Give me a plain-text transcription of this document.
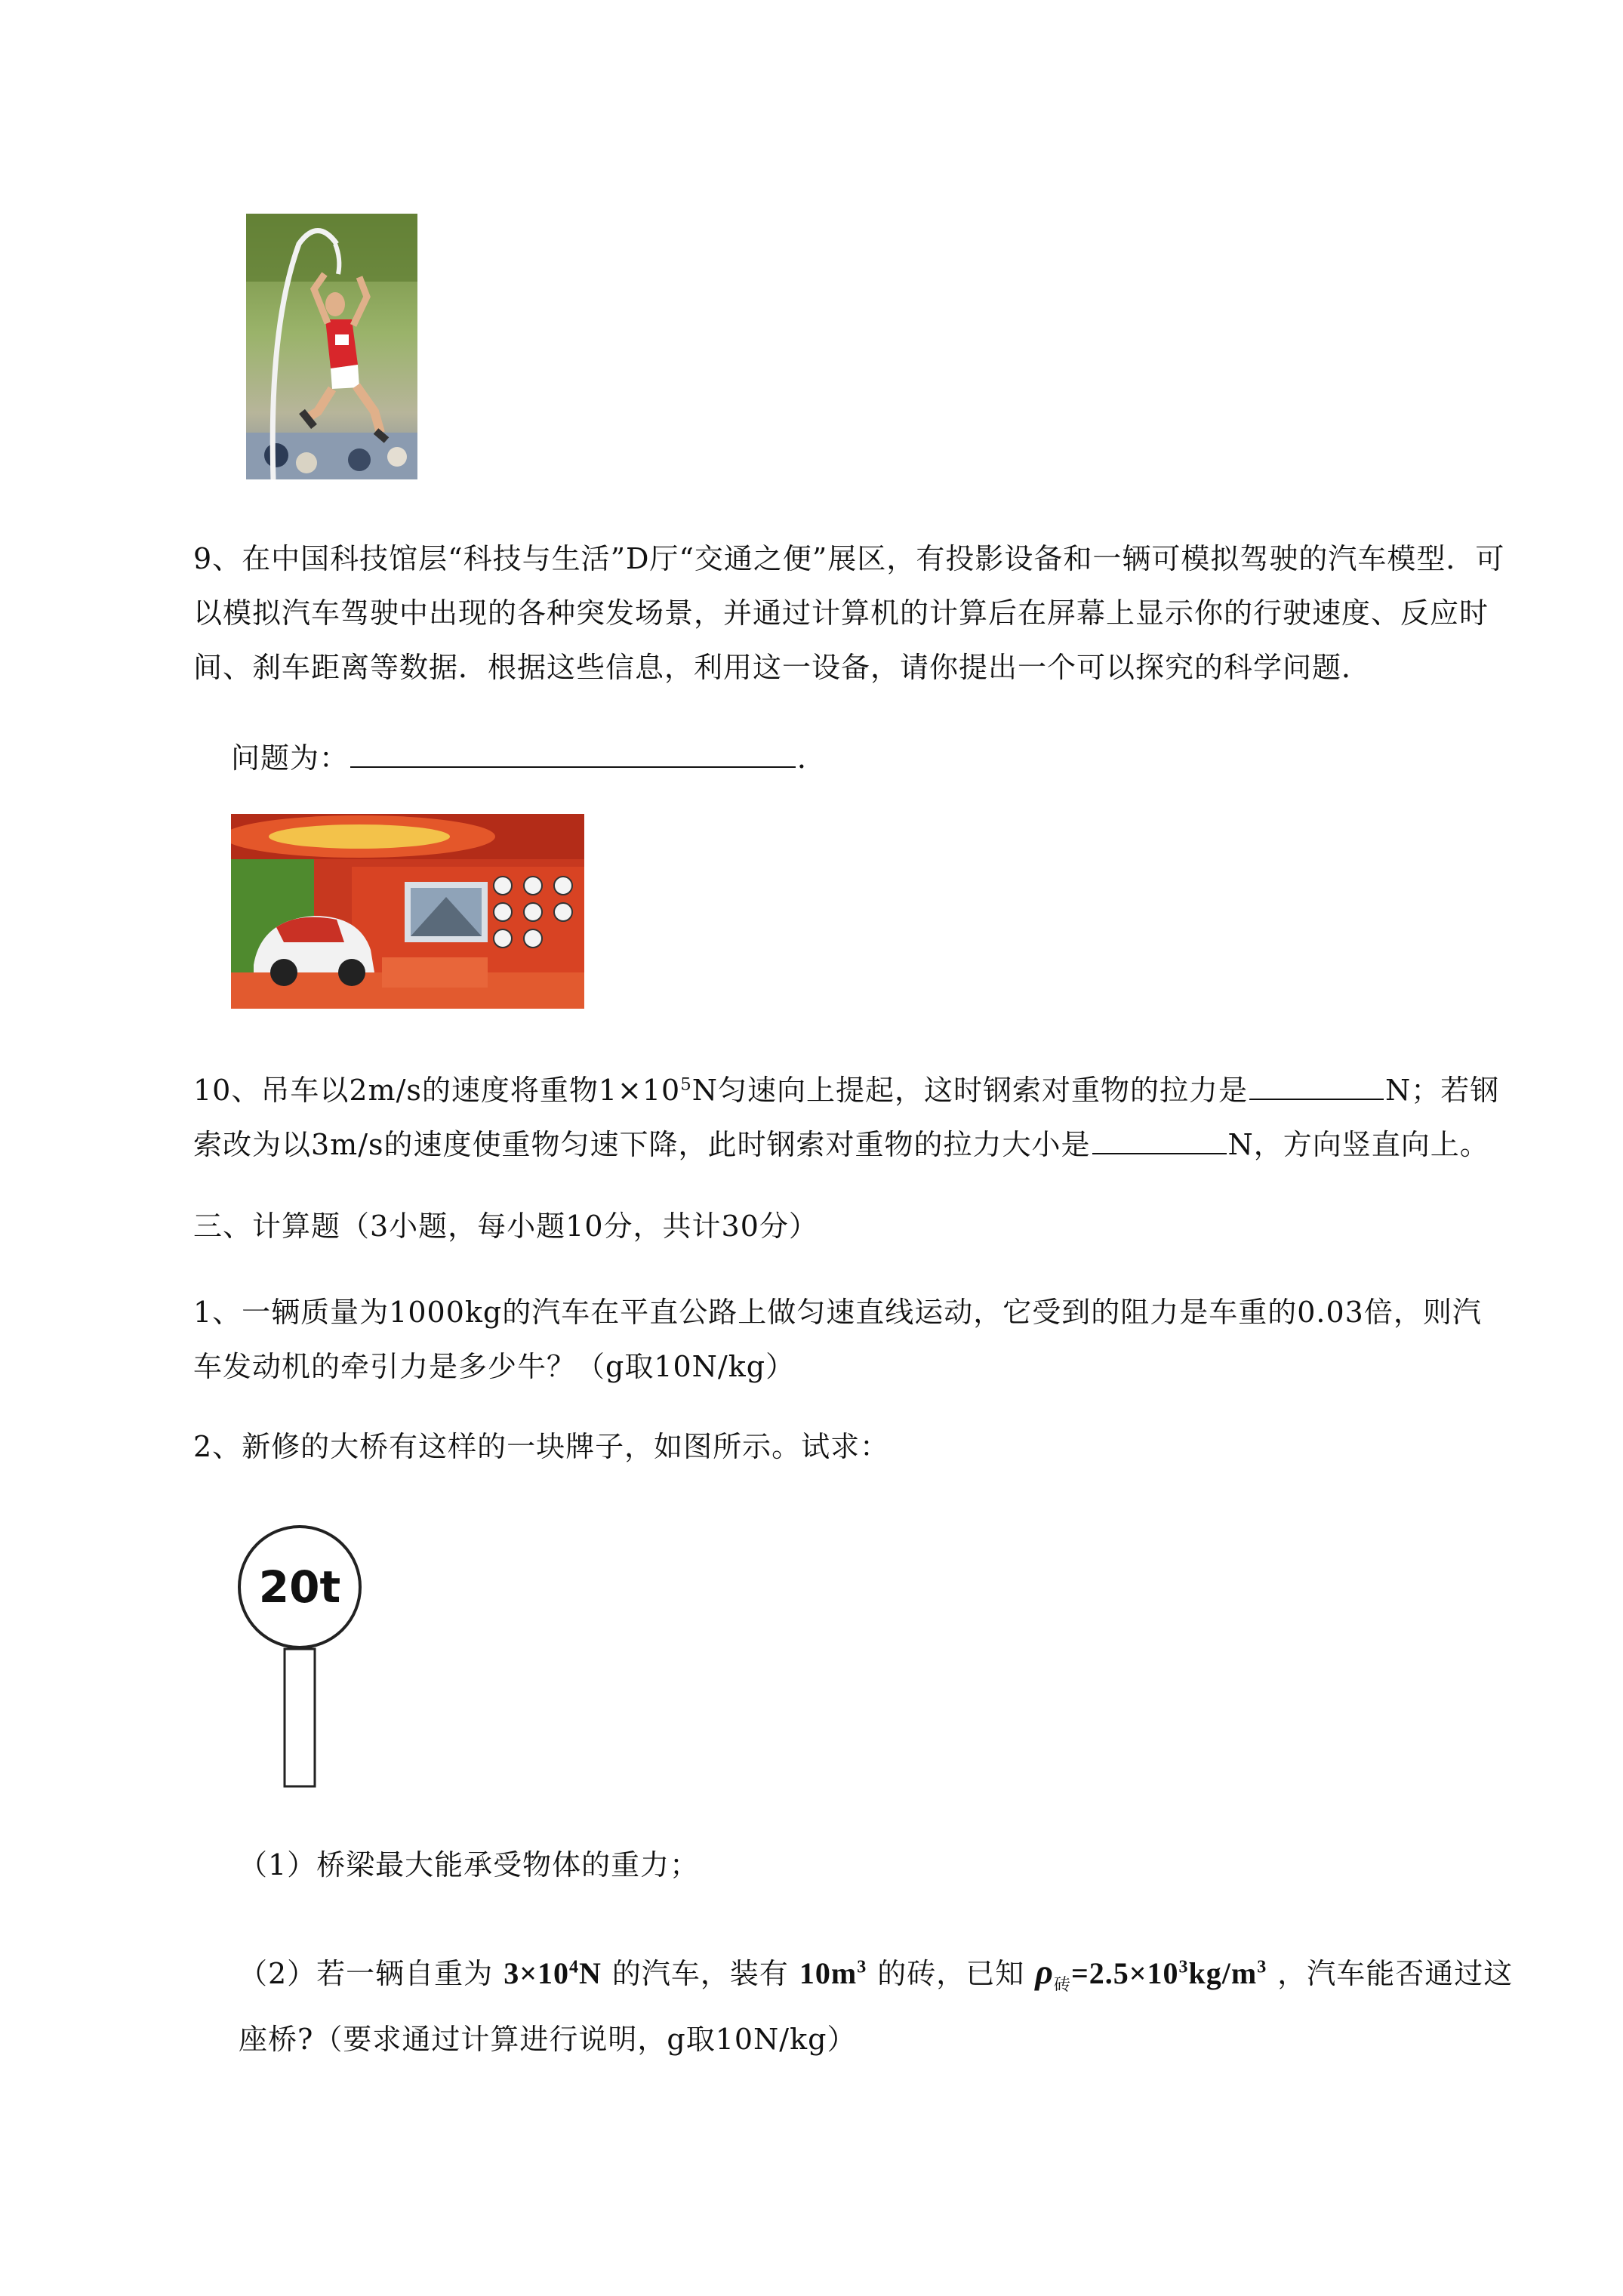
9、在中国科技馆层“科技与生活”D厅“交通之便”展区，有投影设备和一辆可模拟驾驶的汽车模型．可以模拟汽车驾驶中出现的各种突发场景，并通过计算机的计算后在屏幕上显示你的行驶速度、反应时间、刹车距离等数据．根据这些信息，利用这一设备，请你提出一个可以探究的科学问题．
问题为：	．
10、吊车以2m/s的速度将重物$1\times 10^5N$匀速向上提起，这时钢索对重物的拉力是	N；若钢索改为以3m/s的速度使重物匀速下降，此时钢索对重物的拉力大小是	N，方向竖直向上。
三、计算题（3小题，每小题10分，共计30分）
1、一辆质量为1000kg的汽车在平直公路上做匀速直线运动，它受到的阻力是车重的0.03倍，则汽车发动机的牵引力是多少牛？（g取10N/kg）
2、新修的大桥有这样的一块牌子，如图所示。试求：
20t
（1）桥梁最大能承受物体的重力；
（2）若一辆自重为 $3\times 10^4N$ 的汽车，装有 $10m^3$ 的砖，已知 $\rho_砖=2.5\times 10^3kg/m^3$ ，汽车能否通过这座桥?（要求通过计算进行说明，g取10N/kg）
